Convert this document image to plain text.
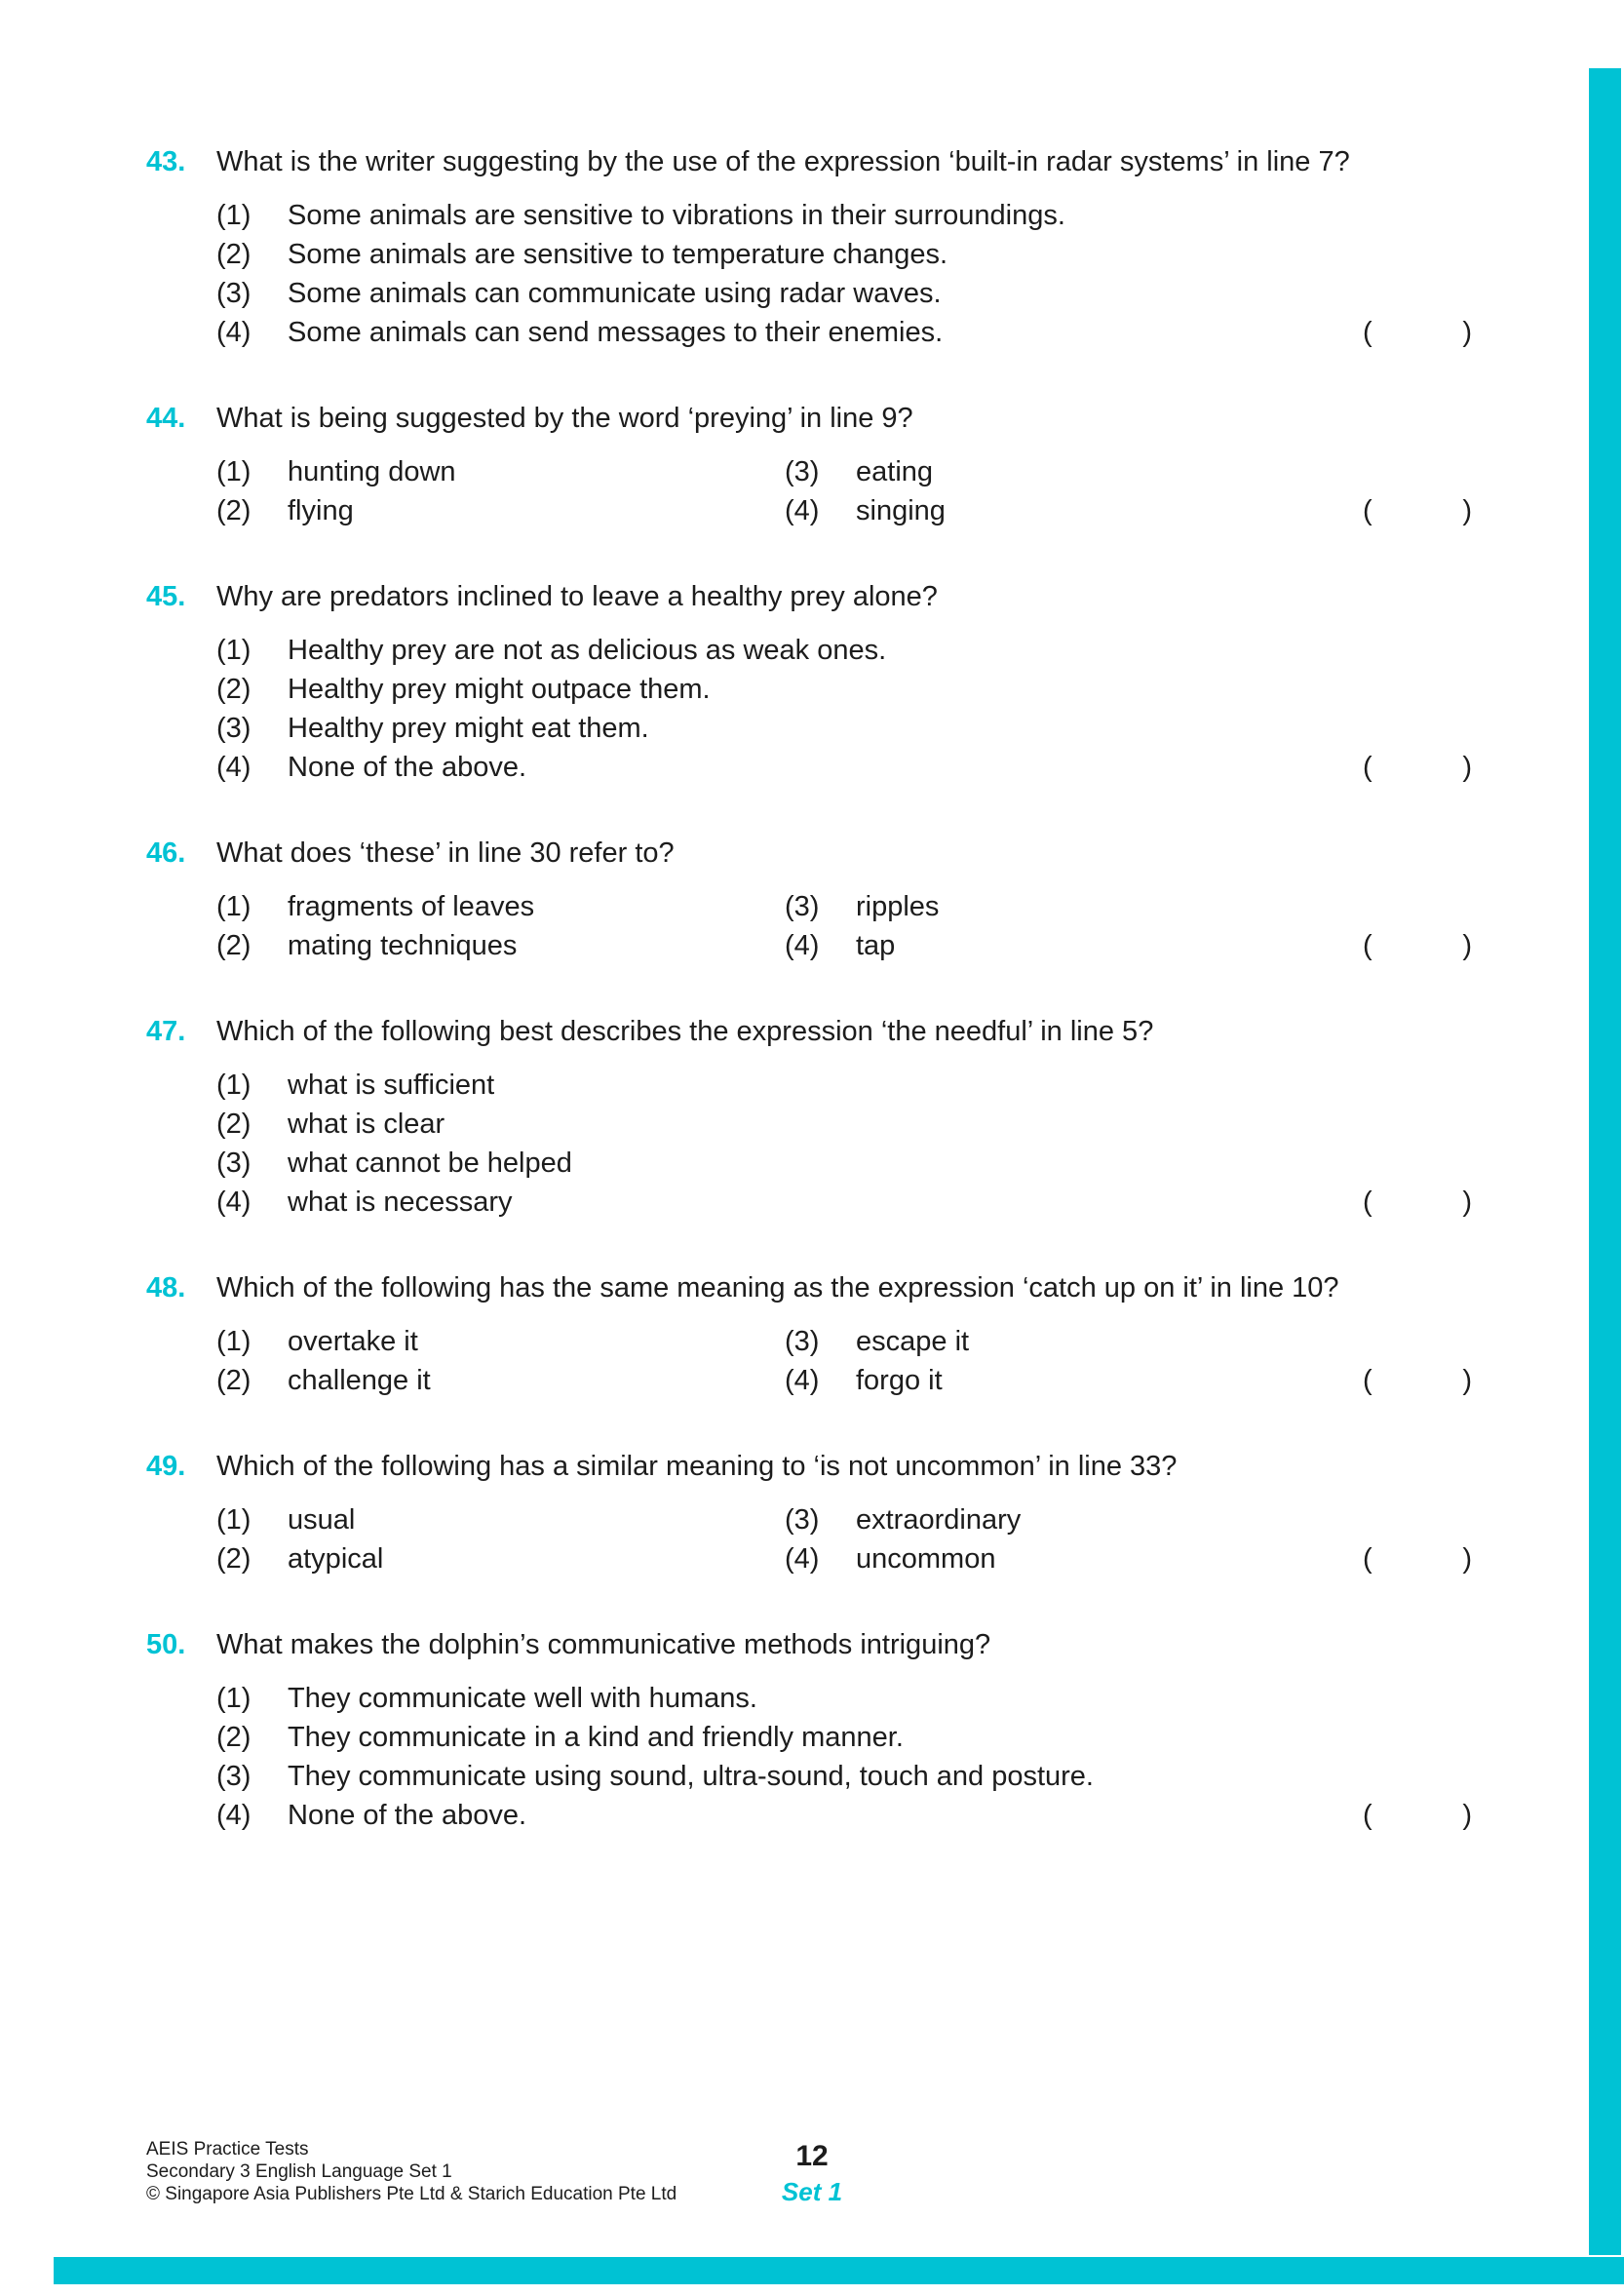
43.	What is the writer suggesting by the use of the expression ‘built-in radar systems’ in line 7?
(1)	Some animals are sensitive to vibrations in their surroundings.
(2)	Some animals are sensitive to temperature changes.
(3)	Some animals can communicate using radar waves.
(4)	Some animals can send messages to their enemies.	(	)
44.	What is being suggested by the word ‘preying’ in line 9?
(1)	hunting down
(2)	flying
(3)	eating
(4)	singing	(	)
45.	Why are predators inclined to leave a healthy prey alone?
(1)	Healthy prey are not as delicious as weak ones.
(2)	Healthy prey might outpace them.
(3)	Healthy prey might eat them.
(4)	None of the above.	(	)
46.	What does ‘these’ in line 30 refer to?
(1)	fragments of leaves
(2)	mating techniques
(3)	ripples
(4)	tap	(	)
47.	Which of the following best describes the expression ‘the needful’ in line 5?
(1)	what is sufficient
(2)	what is clear
(3)	what cannot be helped
(4)	what is necessary	(	)
48.	Which of the following has the same meaning as the expression ‘catch up on it’ in line 10?
(1)	overtake it
(2)	challenge it
(3)	escape it
(4)	forgo it	(	)
49.	Which of the following has a similar meaning to ‘is not uncommon’ in line 33?
(1)	usual
(2)	atypical
(3)	extraordinary
(4)	uncommon	(	)
50.	What makes the dolphin’s communicative methods intriguing?
(1)	They communicate well with humans.
(2)	They communicate in a kind and friendly manner.
(3)	They communicate using sound, ultra-sound, touch and posture.
(4)	None of the above.	(	)
AEIS Practice Tests
Secondary 3 English Language Set 1
© Singapore Asia Publishers Pte Ltd & Starich Education Pte Ltd
12
Set 1
